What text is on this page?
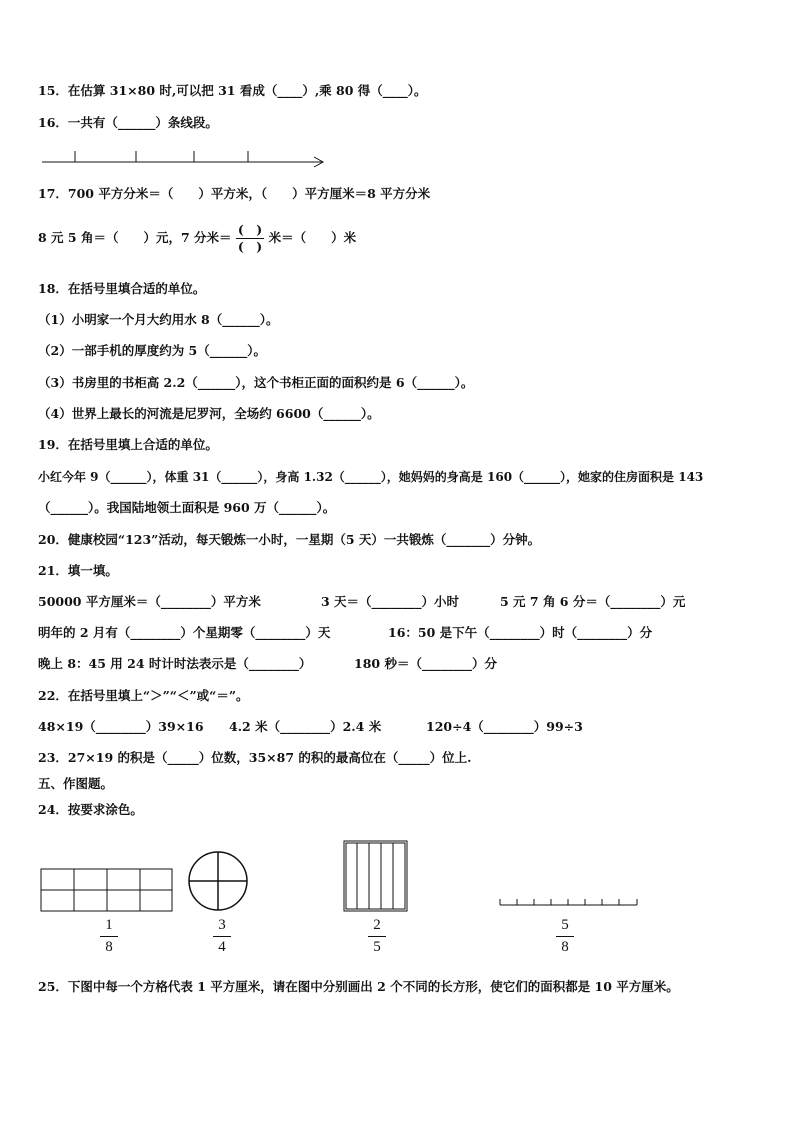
15．在估算 31×80 时,可以把 31 看成（____）,乘 80 得（____）。
16．一共有（______）条线段。
17．700 平方分米＝（　　）平方米，（　　）平方厘米＝8 平方分米
8 元 5 角＝（　　）元，7 分米＝ $\frac{( )}{( )}$ 米＝（　　）米
18．在括号里填合适的单位。
（1）小明家一个月大约用水 8（______）。
（2）一部手机的厚度约为 5（______）。
（3）书房里的书柜高 2.2（______），这个书柜正面的面积约是 6（______）。
（4）世界上最长的河流是尼罗河，全场约 6600（______）。
19．在括号里填上合适的单位。
小红今年 9（______），体重 31（______），身高 1.32（______），她妈妈的身高是 160（______），她家的住房面积是 143
（______）。我国陆地领土面积是 960 万（______）。
20．健康校园“123”活动，每天锻炼一小时，一星期（5 天）一共锻炼（_______）分钟。
21．填一填。
50000 平方厘米＝（________）平方米	3 天＝（________）小时	5 元 7 角 6 分＝（________）元
明年的 2 月有（________）个星期零（________）天	16：50 是下午（________）时（________）分
晚上 8：45 用 24 时计时法表示是（________）	180 秒＝（________）分
22．在括号里填上“＞”“＜”或“＝”。
48×19（________）39×16 4.2 米（________）2.4 米	120÷4（________）99÷3
23．27×19 的积是（_____）位数，35×87 的积的最高位在（_____）位上.
五、作图题。
24．按要求涂色。
1
8
3
4
2
5
5
8
25．下图中每一个方格代表 1 平方厘米，请在图中分别画出 2 个不同的长方形，使它们的面积都是 10 平方厘米。
